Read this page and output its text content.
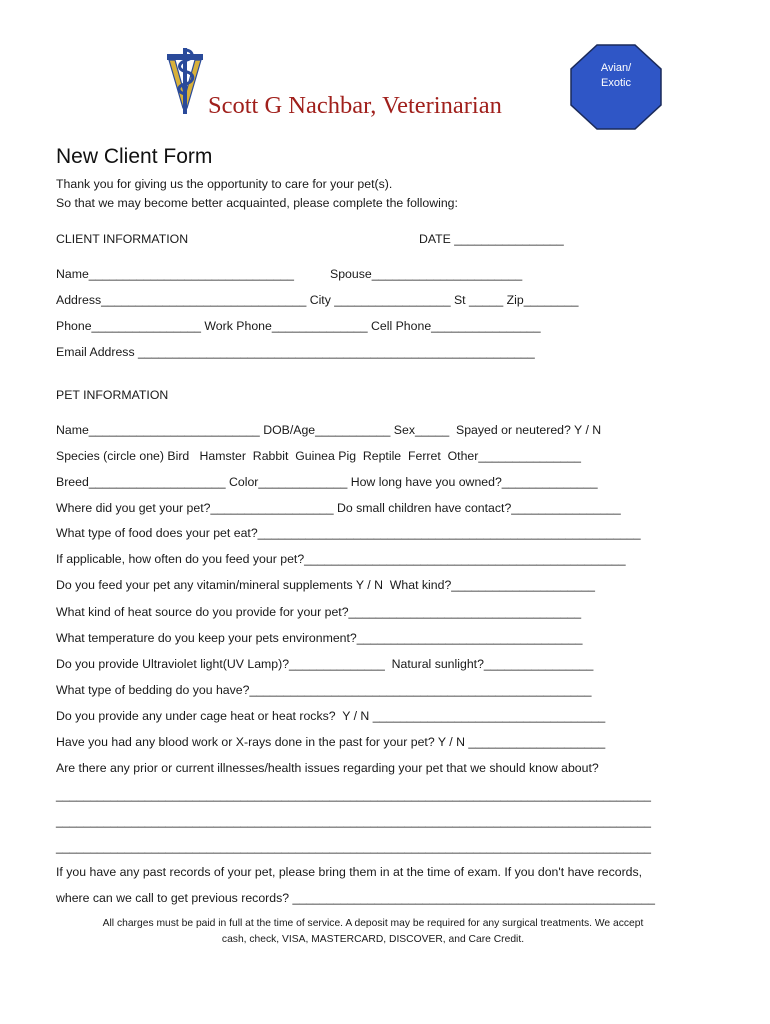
Scott G Nachbar, Veterinarian
Avian/
Exotic
New Client Form
Thank you for giving us the opportunity to care for your pet(s).
So that we may become better acquainted, please complete the following:
CLIENT INFORMATION	DATE ________________
Name______________________________	Spouse______________________
Address______________________________ City _________________ St _____ Zip________
Phone________________ Work Phone______________ Cell Phone________________
Email Address __________________________________________________________
PET INFORMATION
Name_________________________ DOB/Age___________ Sex_____  Spayed or neutered? Y / N
Species (circle one) Bird   Hamster  Rabbit  Guinea Pig  Reptile  Ferret  Other_______________
Breed____________________ Color_____________ How long have you owned?______________
Where did you get your pet?__________________ Do small children have contact?________________
What type of food does your pet eat?________________________________________________________
If applicable, how often do you feed your pet?_______________________________________________
Do you feed your pet any vitamin/mineral supplements Y / N  What kind?_____________________
What kind of heat source do you provide for your pet?__________________________________
What temperature do you keep your pets environment?_________________________________
Do you provide Ultraviolet light(UV Lamp)?______________  Natural sunlight?________________
What type of bedding do you have?__________________________________________________
Do you provide any under cage heat or heat rocks?  Y / N __________________________________
Have you had any blood work or X-rays done in the past for your pet? Y / N ____________________
Are there any prior or current illnesses/health issues regarding your pet that we should know about?
_______________________________________________________________________________________
_______________________________________________________________________________________
_______________________________________________________________________________________
If you have any past records of your pet, please bring them in at the time of exam. If you don't have records,
where can we call to get previous records? _____________________________________________________
All charges must be paid in full at the time of service. A deposit may be required for any surgical treatments. We accept
cash, check, VISA, MASTERCARD, DISCOVER, and Care Credit.
